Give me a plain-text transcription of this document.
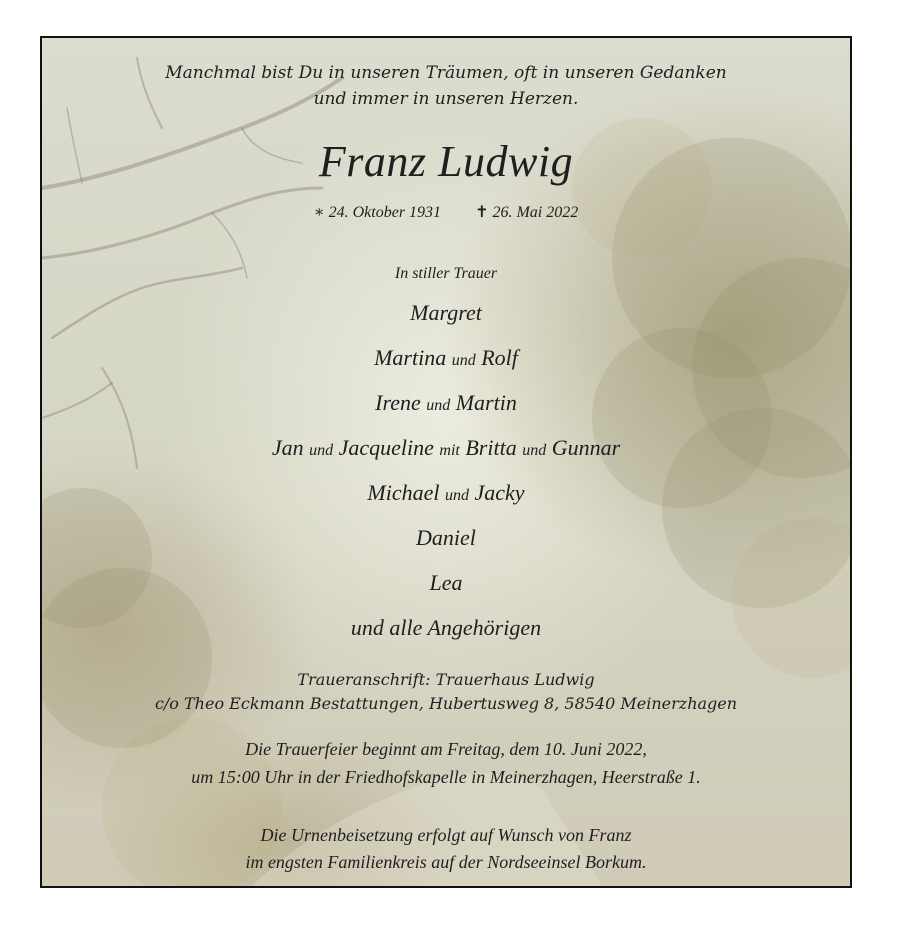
Manchmal bist Du in unseren Träumen, oft in unseren Gedanken
und immer in unseren Herzen.
Franz Ludwig
∗ 24. Oktober 1931 ✝ 26. Mai 2022
In stiller Trauer
Margret
Martina und Rolf
Irene und Martin
Jan und Jacqueline mit Britta und Gunnar
Michael und Jacky
Daniel
Lea
und alle Angehörigen
Traueranschrift: Trauerhaus Ludwig
c/o Theo Eckmann Bestattungen, Hubertusweg 8, 58540 Meinerzhagen
Die Trauerfeier beginnt am Freitag, dem 10. Juni 2022,
um 15:00 Uhr in der Friedhofskapelle in Meinerzhagen, Heerstraße 1.
Die Urnenbeisetzung erfolgt auf Wunsch von Franz
im engsten Familienkreis auf der Nordseeinsel Borkum.
